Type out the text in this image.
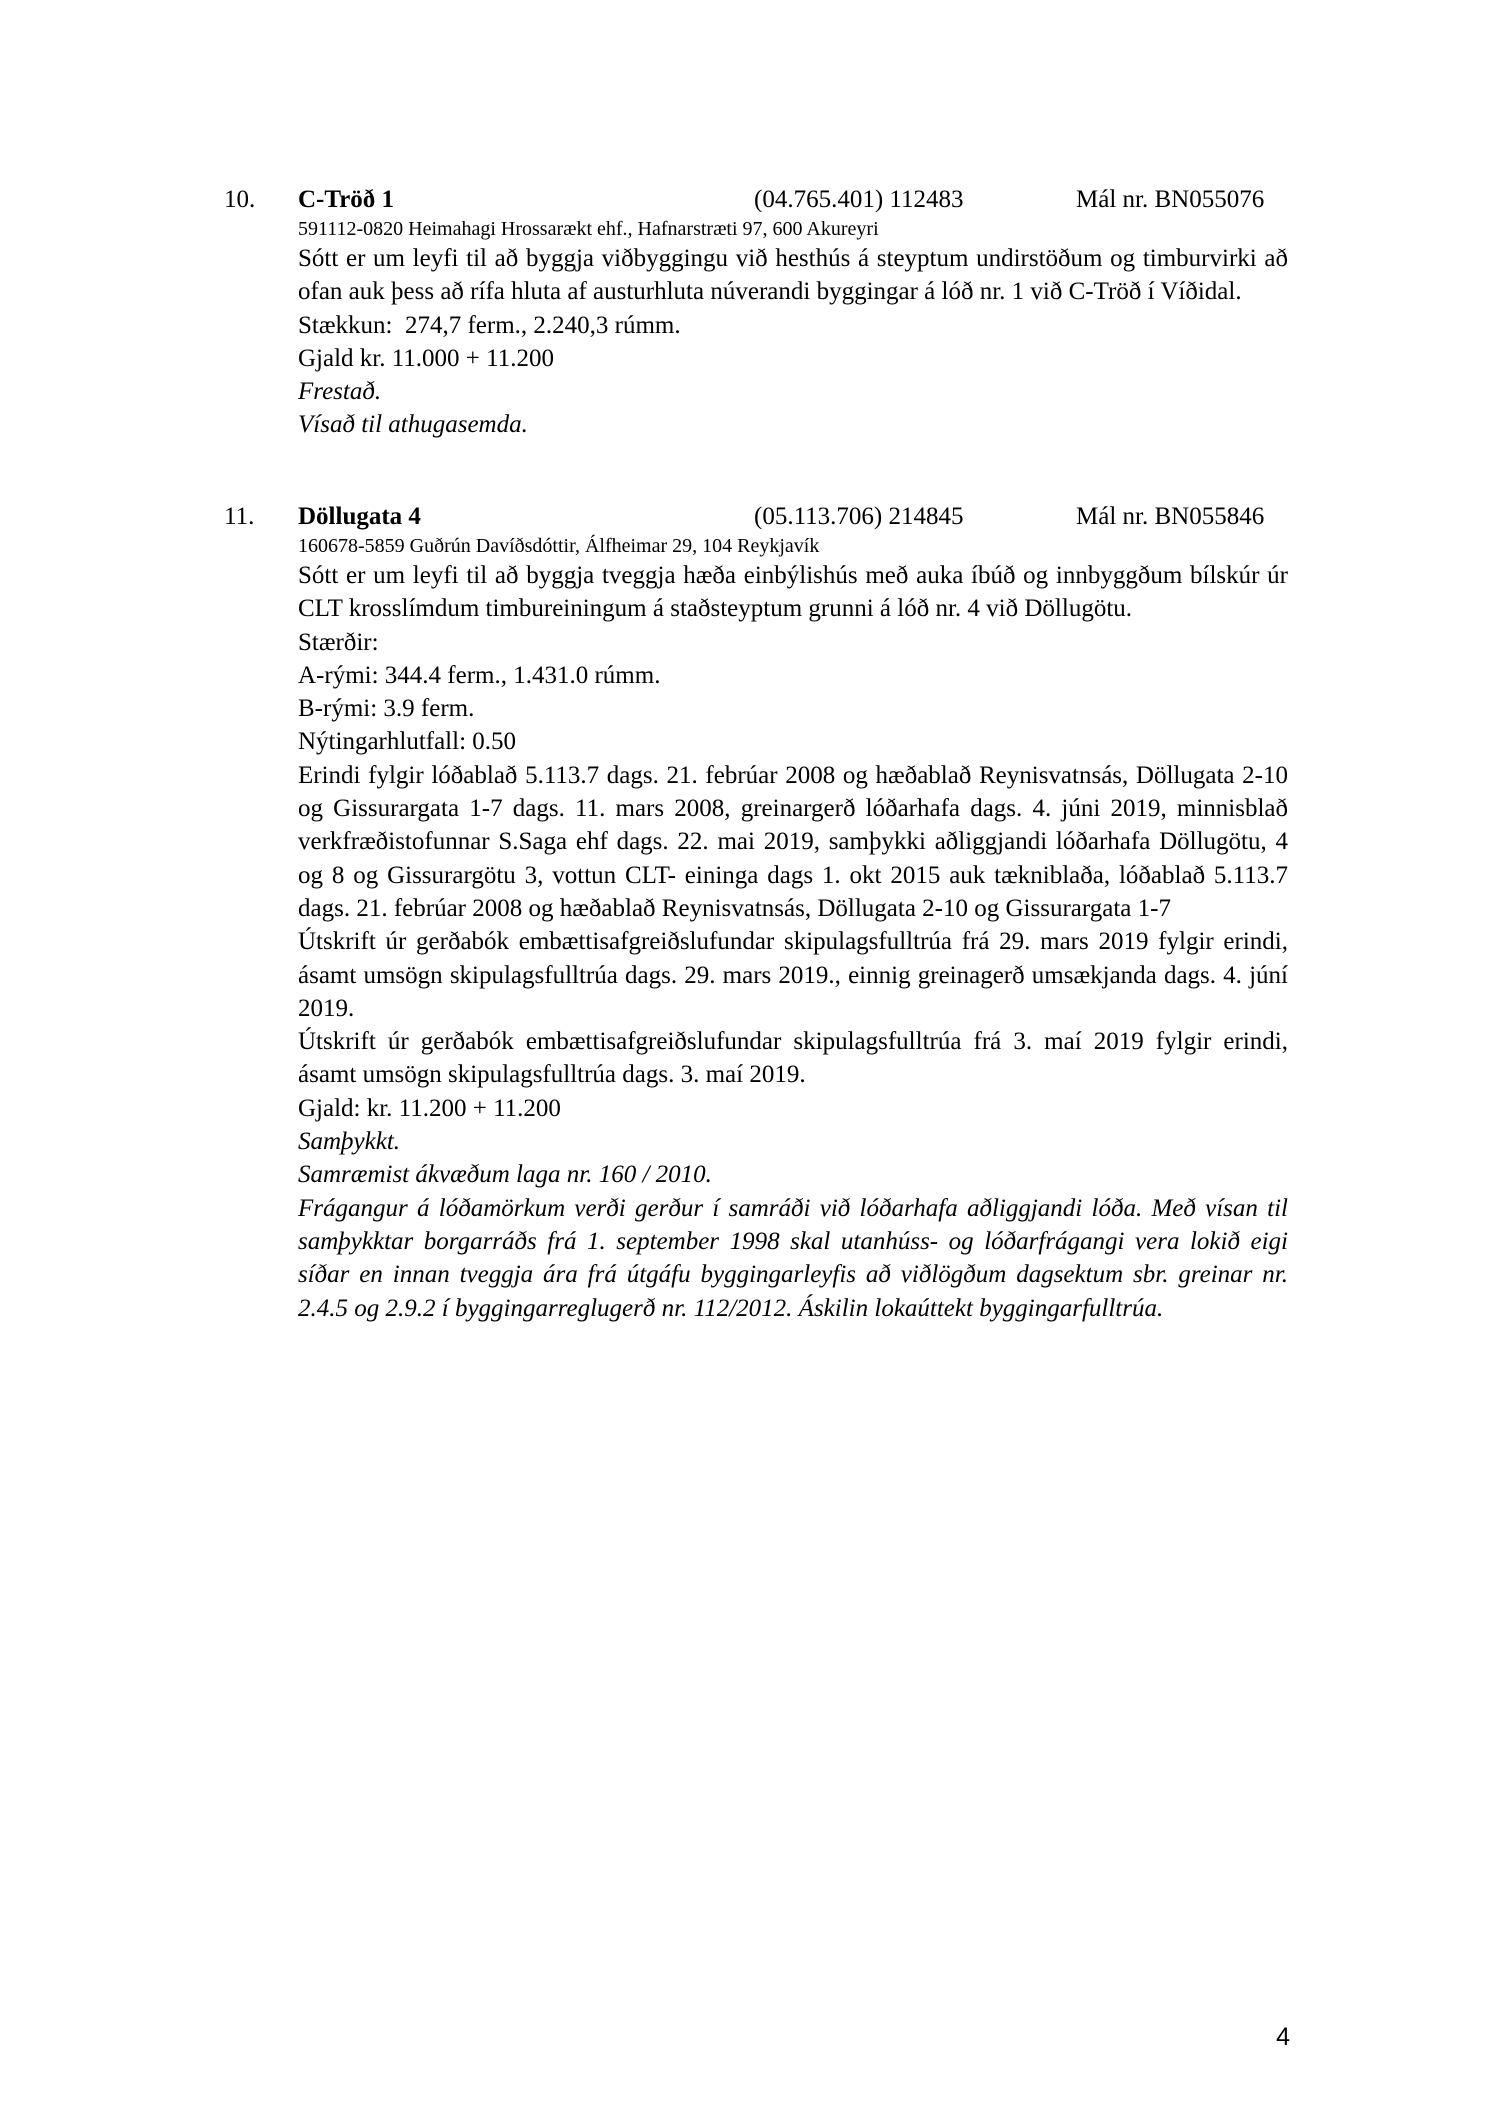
10. C-Tröð 1	(04.765.401) 112483	Mál nr. BN055076
591112-0820 Heimahagi Hrossarækt ehf., Hafnarstræti 97, 600 Akureyri

Sótt er um leyfi til að byggja viðbyggingu við hesthús á steyptum undirstöðum og timburvirki að ofan auk þess að rífa hluta af austurhluta núverandi byggingar á lóð nr. 1 við C-Tröð í Víðidal.

Stækkun:  274,7 ferm., 2.240,3 rúmm.

Gjald kr. 11.000 + 11.200

Frestað.

Vísað til athugasemda.

11. Döllugata 4	(05.113.706) 214845	Mál nr. BN055846
160678-5859 Guðrún Davíðsdóttir, Álfheimar 29, 104 Reykjavík

Sótt er um leyfi til að byggja tveggja hæða einbýlishús með auka íbúð og innbyggðum bílskúr úr CLT krosslímdum timbureiningum á staðsteyptum grunni á lóð nr. 4 við Döllugötu.

Stærðir:

A-rými: 344.4 ferm., 1.431.0 rúmm.

B-rými: 3.9 ferm.

Nýtingarhlutfall: 0.50

Erindi fylgir lóðablað 5.113.7 dags. 21. febrúar 2008 og hæðablað Reynisvatnsás, Döllugata 2-10 og Gissurargata 1-7 dags. 11. mars 2008, greinargerð lóðarhafa dags. 4. júni 2019, minnisblað verkfræðistofunnar S.Saga ehf dags. 22. mai 2019, samþykki aðliggjandi lóðarhafa Döllugötu, 4 og 8 og Gissurargötu 3, vottun CLT- eininga dags 1. okt 2015 auk tækniblaða, lóðablað 5.113.7 dags. 21. febrúar 2008 og hæðablað Reynisvatnsás, Döllugata 2-10 og Gissurargata 1-7

Útskrift úr gerðabók embættisafgreiðslufundar skipulagsfulltrúa frá 29. mars 2019 fylgir erindi, ásamt umsögn skipulagsfulltrúa dags. 29. mars 2019., einnig greinagerð umsækjanda dags. 4. júní 2019.

Útskrift úr gerðabók embættisafgreiðslufundar skipulagsfulltrúa frá 3. maí 2019 fylgir erindi, ásamt umsögn skipulagsfulltrúa dags. 3. maí 2019.

Gjald: kr. 11.200 + 11.200

Samþykkt.

Samræmist ákvæðum laga nr. 160 / 2010.

Frágangur á lóðamörkum verði gerður í samráði við lóðarhafa aðliggjandi lóða. Með vísan til samþykktar borgarráðs frá 1. september 1998 skal utanhúss- og lóðarfrágangi vera lokið eigi síðar en innan tveggja ára frá útgáfu byggingarleyfis að viðlögðum dagsektum sbr. greinar nr. 2.4.5 og 2.9.2 í byggingarreglugerð nr. 112/2012. Áskilin lokaúttekt byggingarfulltrúa.

4
